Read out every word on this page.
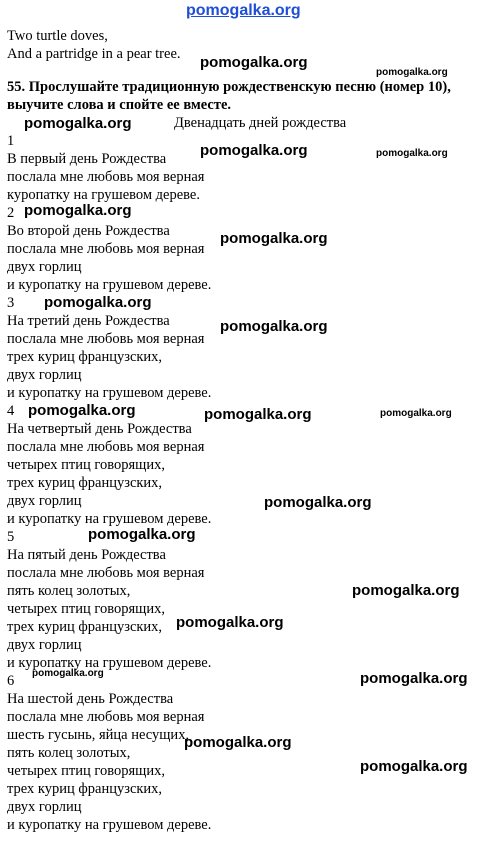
pomogalka.org
Two turtle doves,
And a partridge in a pear tree.
55. Прослушайте традиционную рождественскую песню (номер 10), выучите слова и спойте ее вместе.
Двенадцать дней рождества
1
В первый день Рождества
послала мне любовь моя верная
куропатку на грушевом дереве.
2
Во второй день Рождества
послала мне любовь моя верная
двух горлиц
и куропатку на грушевом дереве.
3
На третий день Рождества
послала мне любовь моя верная
трех куриц французских,
двух горлиц
и куропатку на грушевом дереве.
4
На четвертый день Рождества
послала мне любовь моя верная
четырех птиц говорящих,
трех куриц французских,
двух горлиц
и куропатку на грушевом дереве.
5
На пятый день Рождества
послала мне любовь моя верная
пять колец золотых,
четырех птиц говорящих,
трех куриц французских,
двух горлиц
и куропатку на грушевом дереве.
6
На шестой день Рождества
послала мне любовь моя верная
шесть гусынь, яйца несущих,
пять колец золотых,
четырех птиц говорящих,
трех куриц французских,
двух горлиц
и куропатку на грушевом дереве.
pomogalka.org
pomogalka.org
pomogalka.org
pomogalka.org	pomogalka.org
pomogalka.org
pomogalka.org
pomogalka.org
pomogalka.org
pomogalka.org	pomogalka.org	pomogalka.org
pomogalka.org
pomogalka.org
pomogalka.org
pomogalka.org
pomogalka.org	pomogalka.org
pomogalka.org
pomogalka.org
